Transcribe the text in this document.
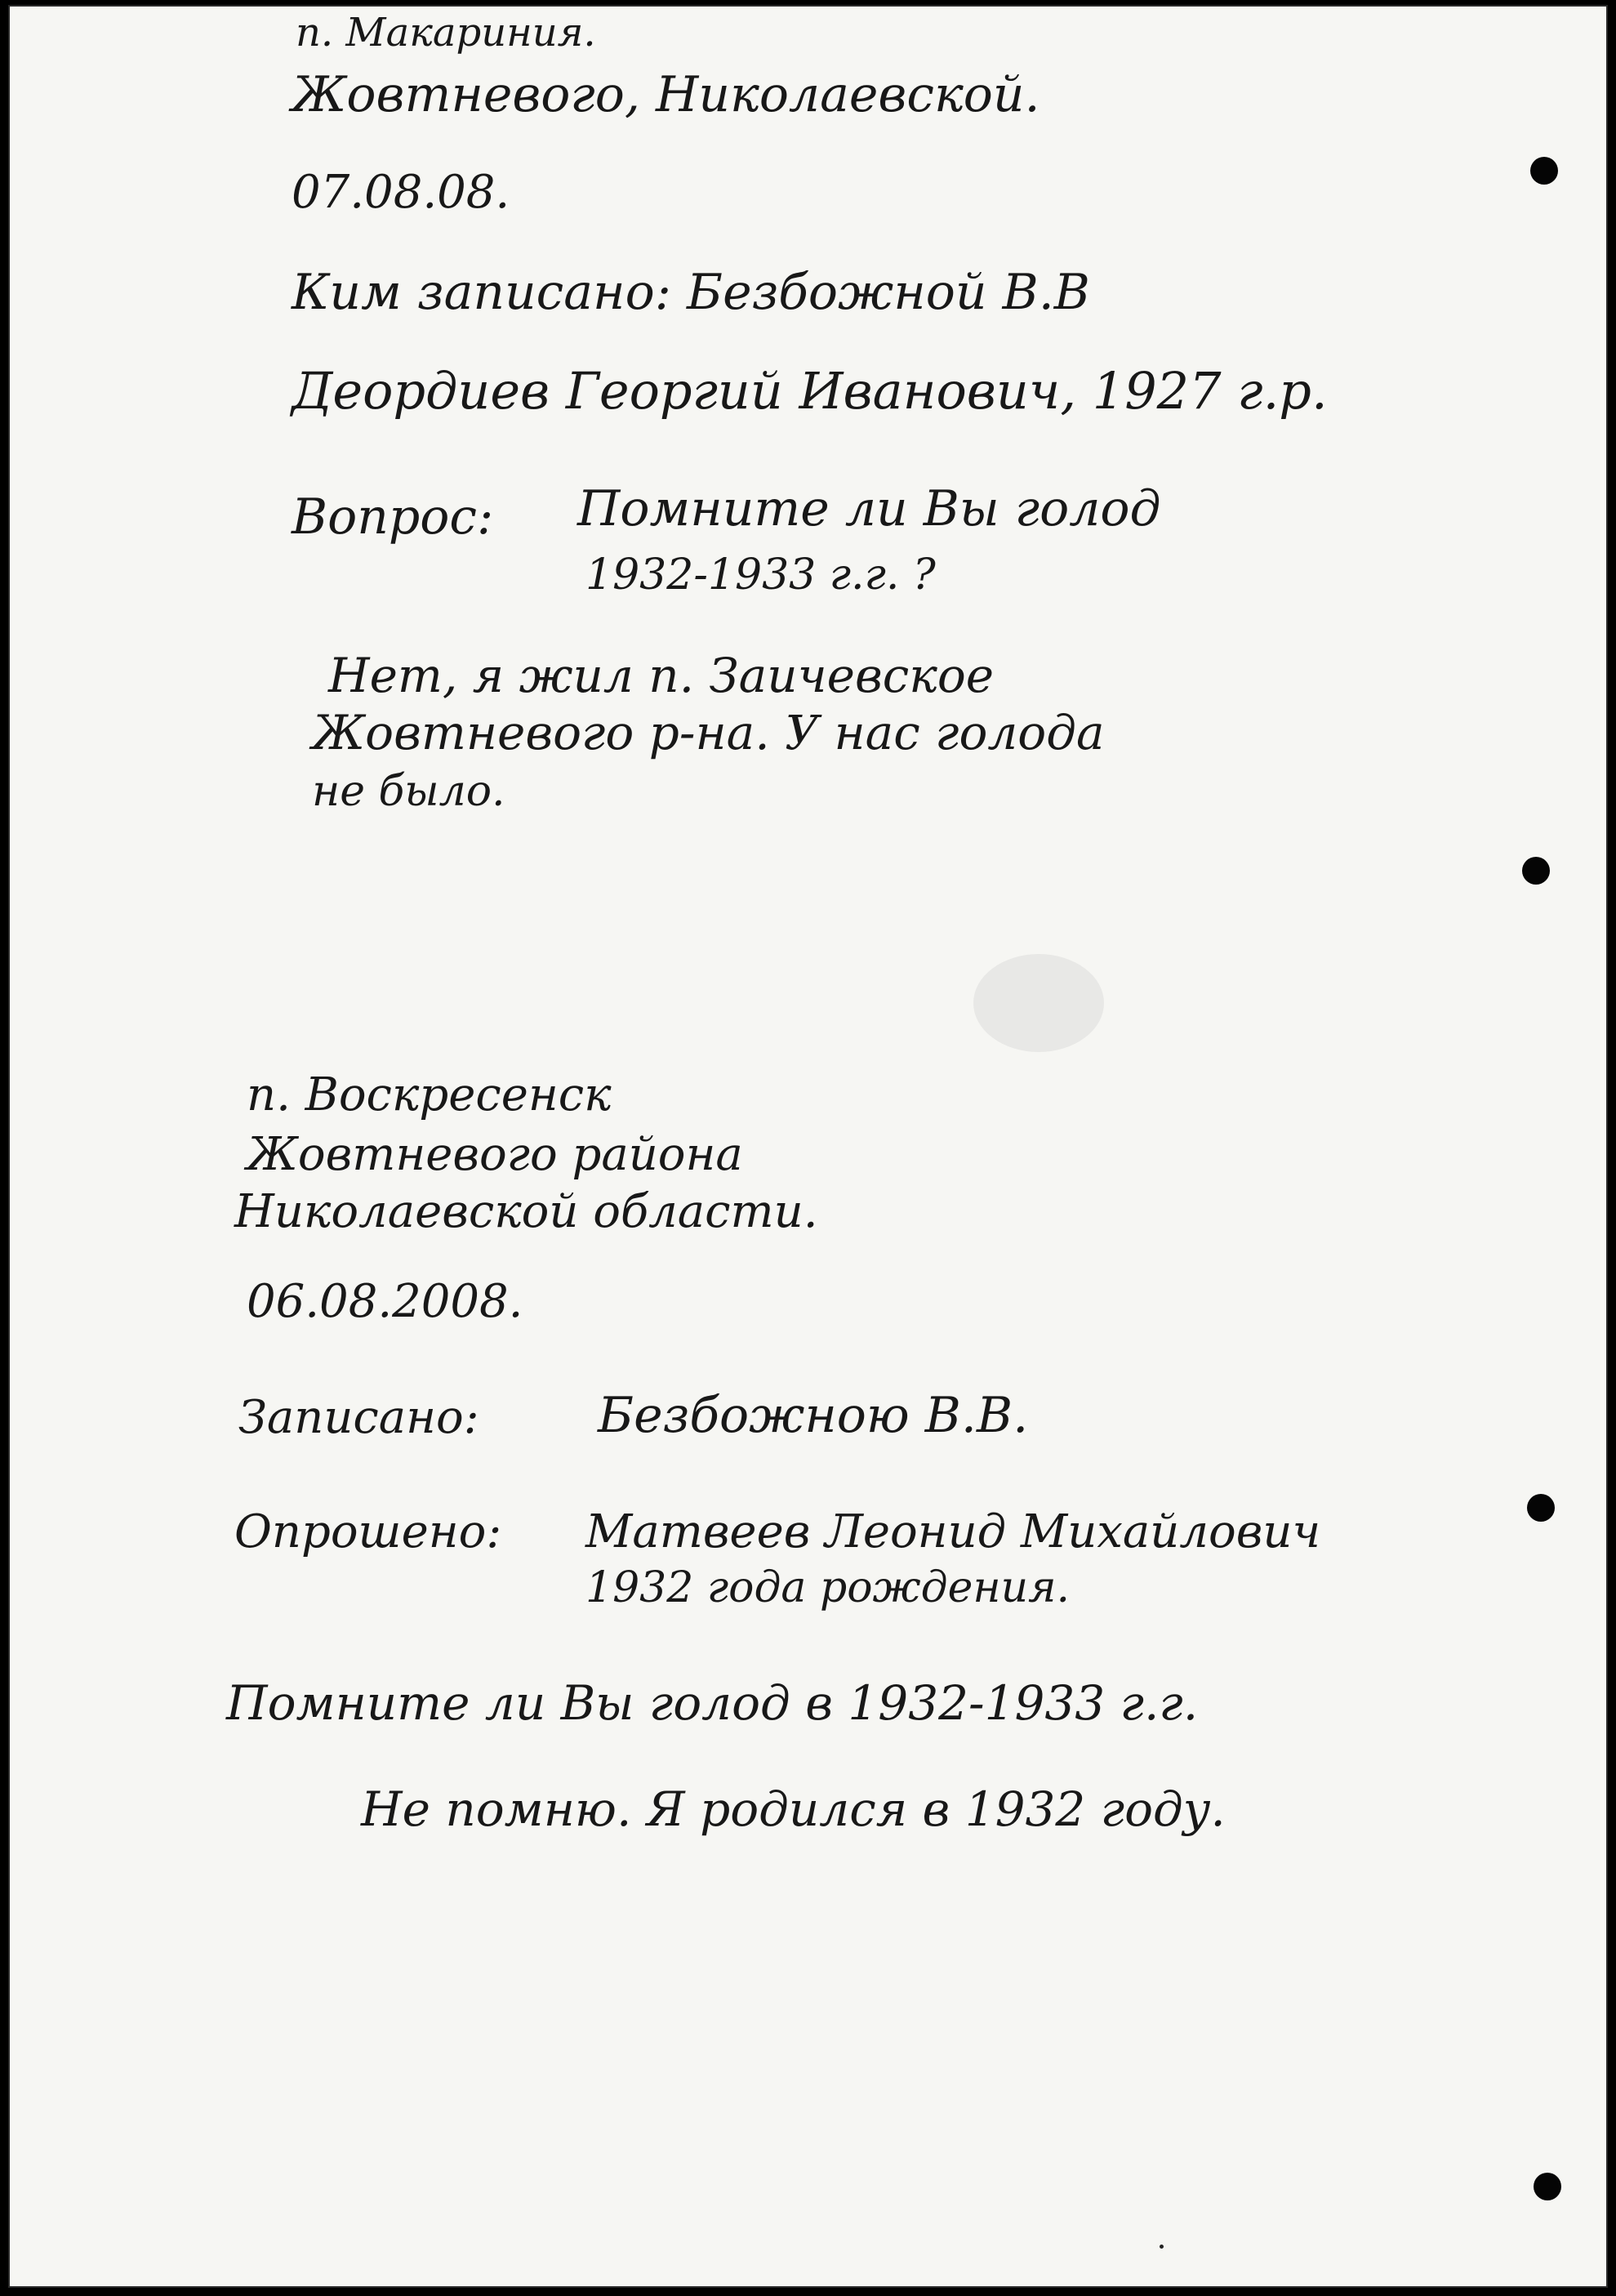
п. Макариния.
Жовтневого, Николаевской.
07.08.08.
Ким записано: Безбожной В.В
Деордиев Георгий Иванович, 1927 г.р.
Вопрос: Помните ли Вы голод
1932-1933 г.г. ?
Нет, я жил п. Заичевское
Жовтневого р-на. У нас голода
не было.
п. Воскресенск
Жовтневого района
Николаевской области.
06.08.2008.
Записано: Безбожною В.В.
Опрошено: Матвеев Леонид Михайлович
1932 года рождения.
Помните ли Вы голод в 1932-1933 г.г.
Не помню. Я родился в 1932 году.
